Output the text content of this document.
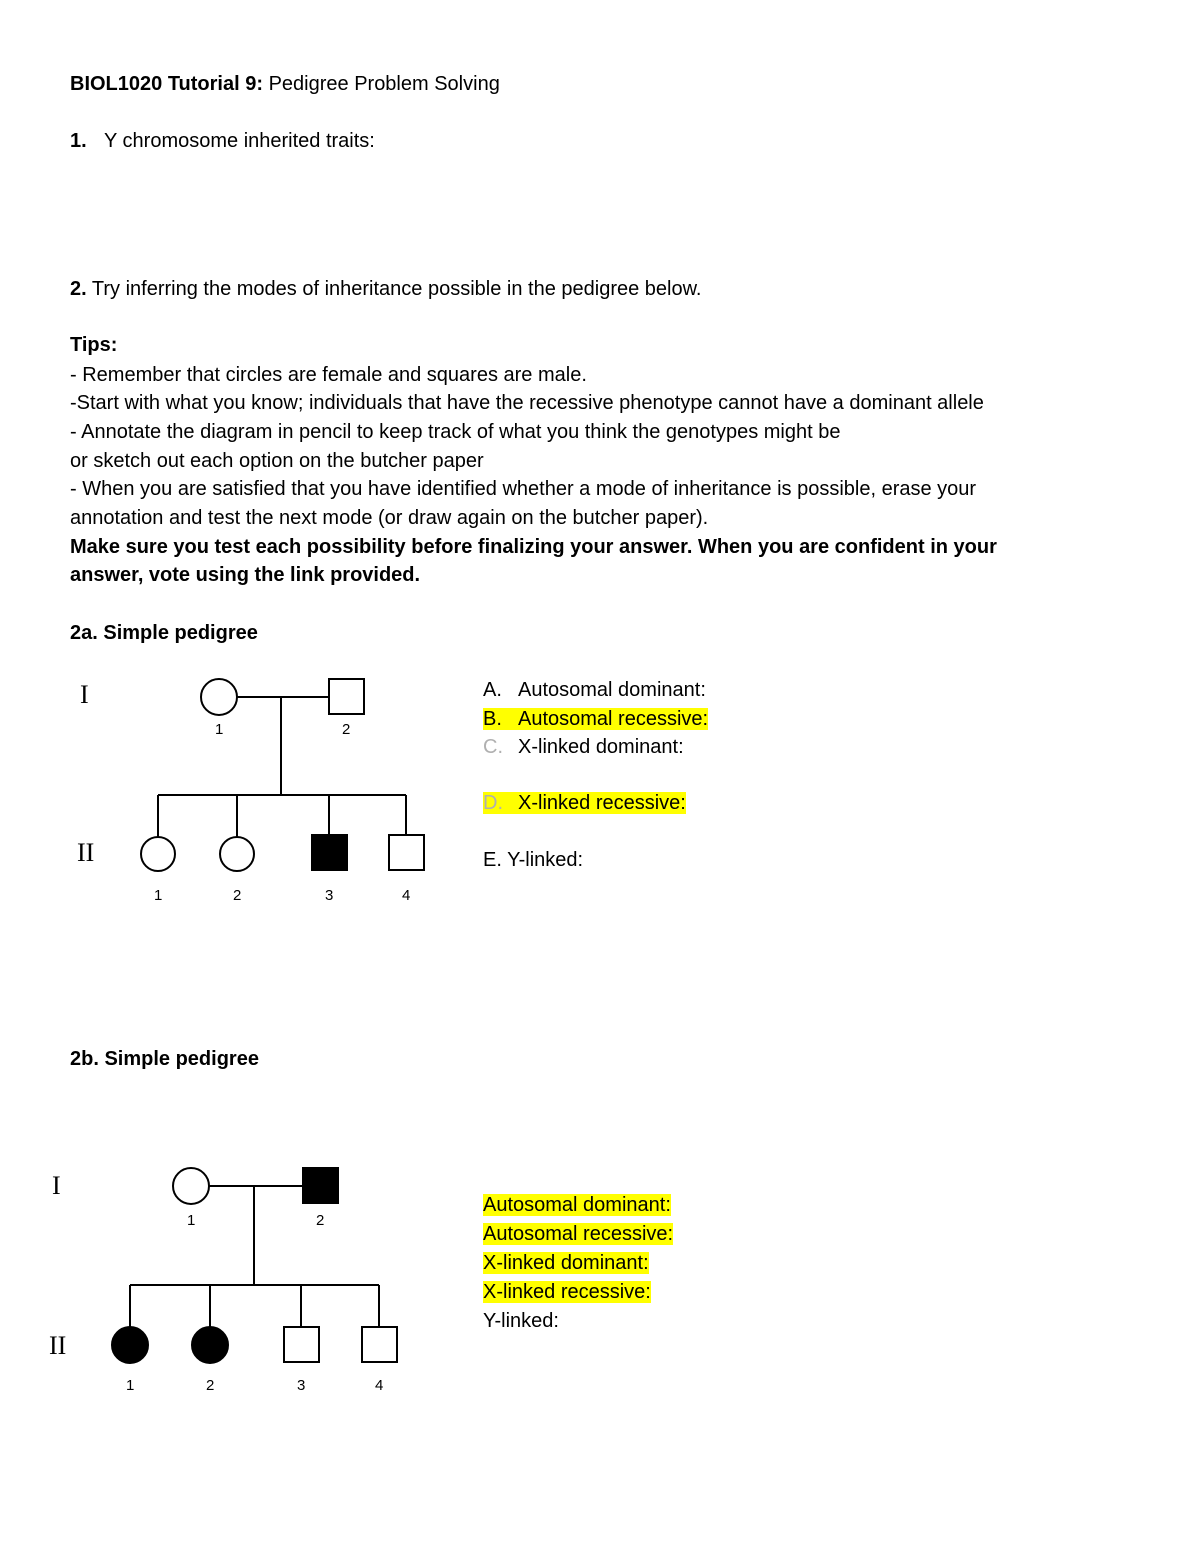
BIOL1020 Tutorial 9: Pedigree Problem Solving
1. Y chromosome inherited traits:
2. Try inferring the modes of inheritance possible in the pedigree below.
Tips:
- Remember that circles are female and squares are male.
-Start with what you know; individuals that have the recessive phenotype cannot have a dominant allele
- Annotate the diagram in pencil to keep track of what you think the genotypes might be
or sketch out each option on the butcher paper
- When you are satisfied that you have identified whether a mode of inheritance is possible, erase your
annotation and test the next mode (or draw again on the butcher paper).
Make sure you test each possibility before finalizing your answer. When you are confident in your
answer, vote using the link provided.
2a. Simple pedigree
I
II
1	2
1	2	3	4
A. Autosomal dominant:
B. Autosomal recessive:
C. X-linked dominant:
D. X-linked recessive:
E. Y-linked:
2b. Simple pedigree
I
II
1	2
1	2	3	4
Autosomal dominant:
Autosomal recessive:
X-linked dominant:
X-linked recessive:
Y-linked:
